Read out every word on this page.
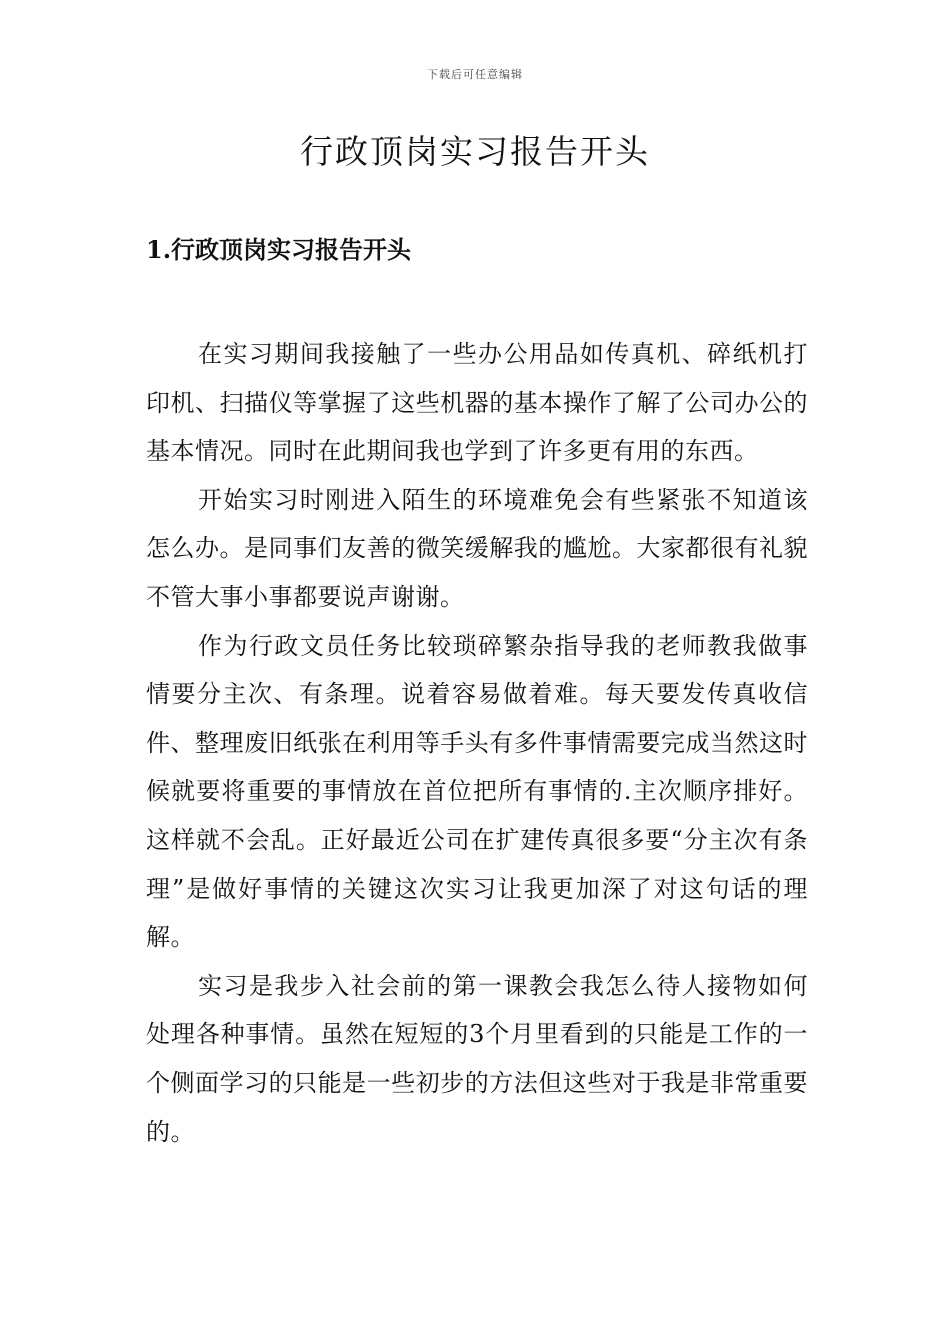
下载后可任意编辑
行政顶岗实习报告开头
1.行政顶岗实习报告开头

在实习期间我接触了一些办公用品如传真机、碎纸机打印机、扫描仪等掌握了这些机器的基本操作了解了公司办公的基本情况。同时在此期间我也学到了许多更有用的东西。

开始实习时刚进入陌生的环境难免会有些紧张不知道该怎么办。是同事们友善的微笑缓解我的尴尬。大家都很有礼貌不管大事小事都要说声谢谢。

作为行政文员任务比较琐碎繁杂指导我的老师教我做事情要分主次、有条理。说着容易做着难。每天要发传真收信件、整理废旧纸张在利用等手头有多件事情需要完成当然这时候就要将重要的事情放在首位把所有事情的.主次顺序排好。这样就不会乱。正好最近公司在扩建传真很多要“分主次有条理”是做好事情的关键这次实习让我更加深了对这句话的理解。

实习是我步入社会前的第一课教会我怎么待人接物如何处理各种事情。虽然在短短的3个月里看到的只能是工作的一个侧面学习的只能是一些初步的方法但这些对于我是非常重要的。
